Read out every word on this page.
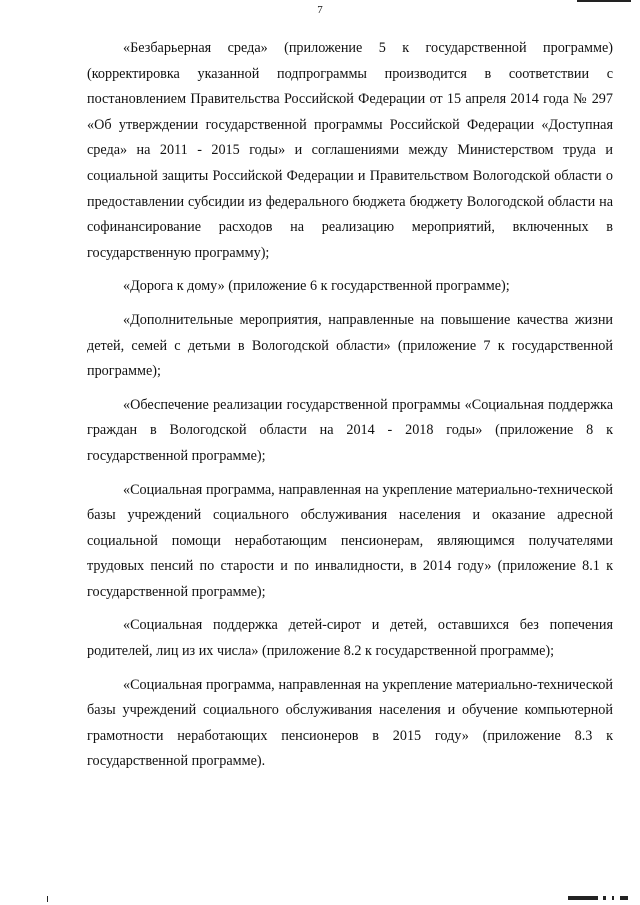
7

«Безбарьерная среда» (приложение 5 к государственной программе) (корректировка указанной подпрограммы производится в соответствии с постановлением Правительства Российской Федерации от 15 апреля 2014 года № 297 «Об утверждении государственной программы Российской Федерации «Доступная среда» на 2011 - 2015 годы» и соглашениями между Министерством труда и социальной защиты Российской Федерации и Правительством Вологодской области о предоставлении субсидии из федерального бюджета бюджету Вологодской области на софинансирование расходов на реализацию мероприятий, включенных в государственную программу);

«Дорога к дому» (приложение 6 к государственной программе);

«Дополнительные мероприятия, направленные на повышение качества жизни детей, семей с детьми в Вологодской области» (приложение 7 к государственной программе);

«Обеспечение реализации государственной программы «Социальная поддержка граждан в Вологодской области на 2014 - 2018 годы» (приложение 8 к государственной программе);

«Социальная программа, направленная на укрепление материально-технической базы учреждений социального обслуживания населения и оказание адресной социальной помощи неработающим пенсионерам, являющимся получателями трудовых пенсий по старости и по инвалидности, в 2014 году» (приложение 8.1 к государственной программе);

«Социальная поддержка детей-сирот и детей, оставшихся без попечения родителей, лиц из их числа» (приложение 8.2 к государственной программе);

«Социальная программа, направленная на укрепление материально-технической базы учреждений социального обслуживания населения и обучение компьютерной грамотности неработающих пенсионеров в 2015 году» (приложение 8.3 к государственной программе).
